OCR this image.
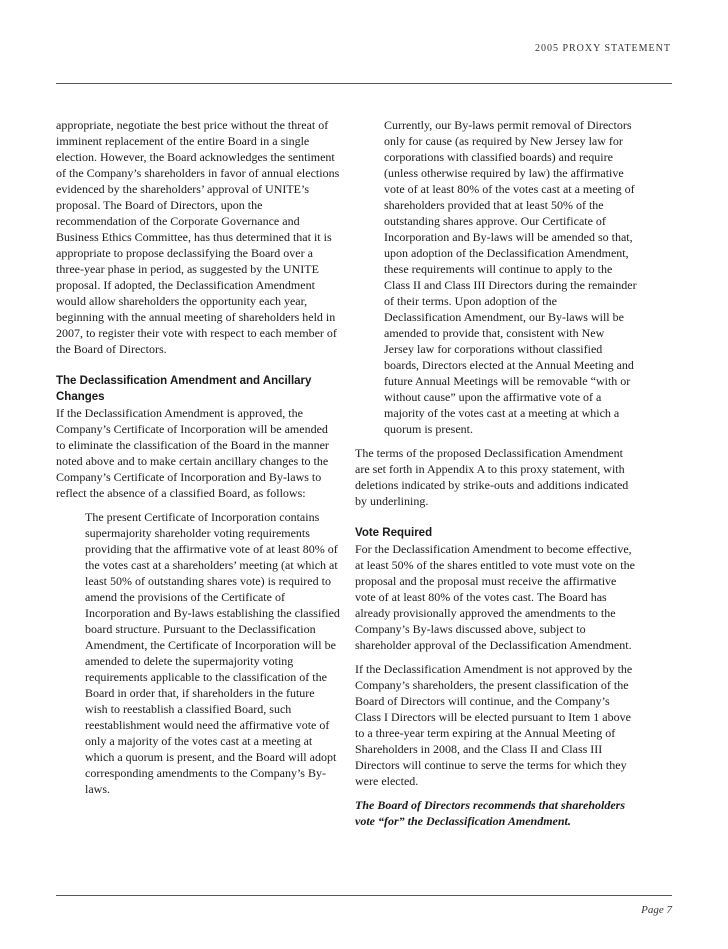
2005 PROXY STATEMENT

appropriate, negotiate the best price without the threat of imminent replacement of the entire Board in a single election. However, the Board acknowledges the sentiment of the Company’s shareholders in favor of annual elections evidenced by the shareholders’ approval of UNITE’s proposal. The Board of Directors, upon the recommendation of the Corporate Governance and Business Ethics Committee, has thus determined that it is appropriate to propose declassifying the Board over a three-year phase in period, as suggested by the UNITE proposal. If adopted, the Declassification Amendment would allow shareholders the opportunity each year, beginning with the annual meeting of shareholders held in 2007, to register their vote with respect to each member of the Board of Directors.

The Declassification Amendment and Ancillary Changes

If the Declassification Amendment is approved, the Company’s Certificate of Incorporation will be amended to eliminate the classification of the Board in the manner noted above and to make certain ancillary changes to the Company’s Certificate of Incorporation and By-laws to reflect the absence of a classified Board, as follows:

The present Certificate of Incorporation contains supermajority shareholder voting requirements providing that the affirmative vote of at least 80% of the votes cast at a shareholders’ meeting (at which at least 50% of outstanding shares vote) is required to amend the provisions of the Certificate of Incorporation and By-laws establishing the classified board structure. Pursuant to the Declassification Amendment, the Certificate of Incorporation will be amended to delete the supermajority voting requirements applicable to the classification of the Board in order that, if shareholders in the future wish to reestablish a classified Board, such reestablishment would need the affirmative vote of only a majority of the votes cast at a meeting at which a quorum is present, and the Board will adopt corresponding amendments to the Company’s By-laws.

Currently, our By-laws permit removal of Directors only for cause (as required by New Jersey law for corporations with classified boards) and require (unless otherwise required by law) the affirmative vote of at least 80% of the votes cast at a meeting of shareholders provided that at least 50% of the outstanding shares approve. Our Certificate of Incorporation and By-laws will be amended so that, upon adoption of the Declassification Amendment, these requirements will continue to apply to the Class II and Class III Directors during the remainder of their terms. Upon adoption of the Declassification Amendment, our By-laws will be amended to provide that, consistent with New Jersey law for corporations without classified boards, Directors elected at the Annual Meeting and future Annual Meetings will be removable “with or without cause” upon the affirmative vote of a majority of the votes cast at a meeting at which a quorum is present.

The terms of the proposed Declassification Amendment are set forth in Appendix A to this proxy statement, with deletions indicated by strike-outs and additions indicated by underlining.

Vote Required

For the Declassification Amendment to become effective, at least 50% of the shares entitled to vote must vote on the proposal and the proposal must receive the affirmative vote of at least 80% of the votes cast. The Board has already provisionally approved the amendments to the Company’s By-laws discussed above, subject to shareholder approval of the Declassification Amendment.

If the Declassification Amendment is not approved by the Company’s shareholders, the present classification of the Board of Directors will continue, and the Company’s Class I Directors will be elected pursuant to Item 1 above to a three-year term expiring at the Annual Meeting of Shareholders in 2008, and the Class II and Class III Directors will continue to serve the terms for which they were elected.

The Board of Directors recommends that shareholders vote “for” the Declassification Amendment.

Page 7
